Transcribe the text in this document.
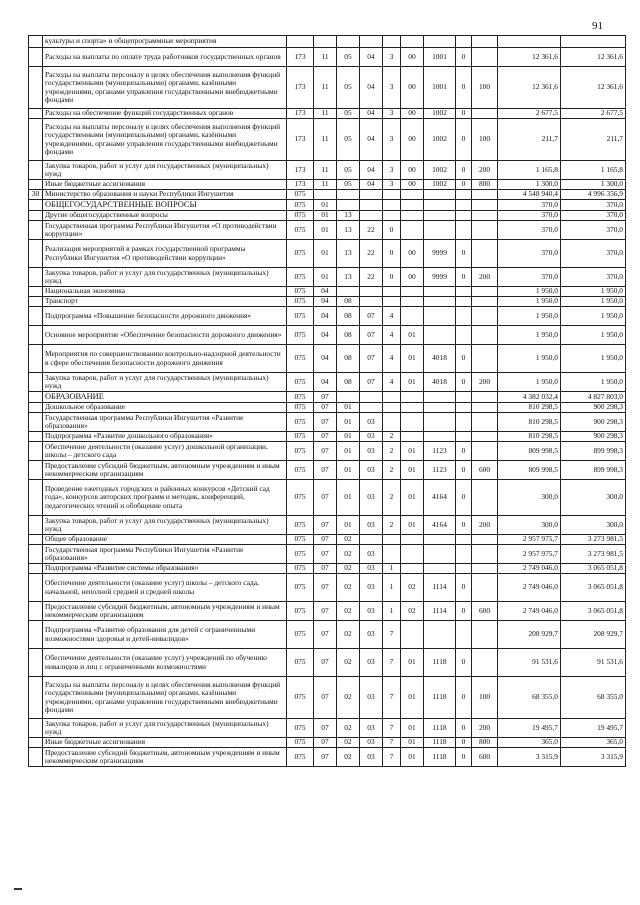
91
	культуры и спорта» и общепрограммные мероприятия											
	Расходы на выплаты по оплате труда работников государственных органов	173	11	05	04	3	00	1001	0		12 361,6	12 361,6
	Расходы на выплаты персоналу в целях обеспечения выполнения функций государственными (муниципальными) органами, казёнными учреждениями, органами управления государственными внебюджетными фондами	173	11	05	04	3	00	1001	0	100	12 361,6	12 361,6
	Расходы на обеспечение функций государственных органов	173	11	05	04	3	00	1002	0		2 677,5	2 677,5
	Расходы на выплаты персоналу в целях обеспечения выполнения функций государственными (муниципальными) органами, казёнными учреждениями, органами управления государственными внебюджетными фондами	173	11	05	04	3	00	1002	0	100	211,7	211,7
	Закупка товаров, работ и услуг для государственных (муниципальных) нужд	173	11	05	04	3	00	1002	0	200	1 165,8	1 165,8
	Иные бюджетные ассигнования	173	11	05	04	3	00	1002	0	800	1 300,0	1 300,0
30	Министерство образования и науки Республики Ингушетия	075									4 548 940,4	4 996 356,9
	ОБЩЕГОСУДАРСТВЕННЫЕ ВОПРОСЫ	075	01								370,0	370,0
	Другие общегосударственные вопросы	075	01	13							370,0	370,0
	Государственная программа Республики Ингушетия «О противодействии коррупции»	075	01	13	22	0					370,0	370,0
	Реализация мероприятий в рамках государственной программы Республики Ингушетия «О противодействии коррупции»	075	01	13	22	0	00	9999	0		370,0	370,0
	Закупка товаров, работ и услуг для государственных (муниципальных) нужд	075	01	13	22	0	00	9999	0	200	370,0	370,0
	Национальная экономика	075	04								1 950,0	1 950,0
	Транспорт	075	04	08							1 950,0	1 950,0
	Подпрограмма «Повышение безопасности дорожного движения»	075	04	08	07	4					1 950,0	1 950,0
	Основное мероприятие «Обеспечение безопасности дорожного движения»	075	04	08	07	4	01				1 950,0	1 950,0
	Мероприятия по совершенствованию контрольно-надзорной деятельности в сфере обеспечения безопасности дорожного движения	075	04	08	07	4	01	4018	0		1 950,0	1 950,0
	Закупка товаров, работ и услуг для государственных (муниципальных) нужд	075	04	08	07	4	01	4018	0	200	1 950,0	1 950,0
	ОБРАЗОВАНИЕ	075	07								4 382 032,4	4 827 803,0
	Дошкольное образование	075	07	01							810 298,5	900 298,3
	Государственная программа Республики Ингушетия «Развитие образования»	075	07	01	03						810 298,5	900 298,3
	Подпрограмма «Развитие дошкольного образования»	075	07	01	03	2					810 298,5	900 298,3
	Обеспечение деятельности (оказание услуг) дошкольной организации, школы – детского сада	075	07	01	03	2	01	1123	0		809 998,5	899 998,3
	Предоставление субсидий бюджетным, автономным учреждениям и иным некоммерческим организациям	075	07	01	03	2	01	1123	0	600	809 998,5	899 998,3
	Проведение ежегодных городских и районных конкурсов «Детский сад года», конкурсов авторских программ и методик, конференций, педагогических чтений и обобщение опыта	075	07	01	03	2	01	4164	0		300,0	300,0
	Закупка товаров, работ и услуг для государственных (муниципальных) нужд	075	07	01	03	2	01	4164	0	200	300,0	300,0
	Общее образование	075	07	02							2 957 975,7	3 273 981,5
	Государственная программа Республики Ингушетия «Развитие образования»	075	07	02	03						2 957 975,7	3 273 981,5
	Подпрограмма «Развитие системы образования»	075	07	02	03	1					2 749 046,0	3 065 051,8
	Обеспечение деятельности (оказание услуг) школы – детского сада, начальной, неполной средней и средней школы	075	07	02	03	1	02	1114	0		2 749 046,0	3 065 051,8
	Предоставление субсидий бюджетным, автономным учреждениям и иным некоммерческим организациям	075	07	02	03	1	02	1114	0	600	2 749 046,0	3 065 051,8
	Подпрограмма «Развитие образования для детей с ограниченными возможностями здоровья и детей-инвалидов»	075	07	02	03	7					208 929,7	208 929,7
	Обеспечение деятельности (оказание услуг) учреждений по обучению инвалидов и лиц с ограниченными возможностями	075	07	02	03	7	01	1118	0		91 531,6	91 531,6
	Расходы на выплаты персоналу в целях обеспечения выполнения функций государственными (муниципальными) органами, казёнными учреждениями, органами управления государственными внебюджетными фондами	075	07	02	03	7	01	1118	0	100	68 355,0	68 355,0
	Закупка товаров, работ и услуг для государственных (муниципальных) нужд	075	07	02	03	7	01	1118	0	200	19 495,7	19 495,7
	Иные бюджетные ассигнования	075	07	02	03	7	01	1118	0	800	365,0	365,0
	Предоставление субсидий бюджетным, автономным учреждениям и иным некоммерческим организациям	075	07	02	03	7	01	1118	0	600	3 315,9	3 315,9
